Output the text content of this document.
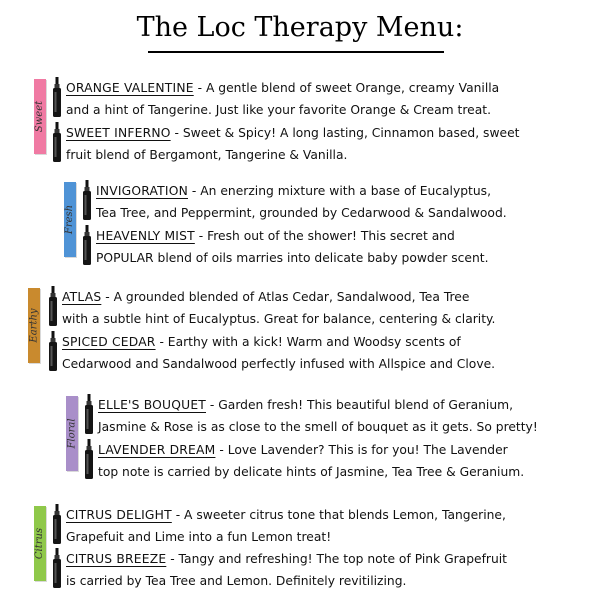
The Loc Therapy Menu:
Sweet
ORANGE VALENTINE - A gentle blend of sweet Orange, creamy Vanilla
and a hint of Tangerine. Just like your favorite Orange & Cream treat.
SWEET INFERNO - Sweet & Spicy! A long lasting, Cinnamon based, sweet
fruit blend of Bergamont, Tangerine & Vanilla.
Fresh
INVIGORATION - An enerzing mixture with a base of Eucalyptus,
Tea Tree, and Peppermint, grounded by Cedarwood & Sandalwood.
HEAVENLY MIST - Fresh out of the shower! This secret and
POPULAR blend of oils marries into delicate baby powder scent.
Earthy
ATLAS - A grounded blended of Atlas Cedar, Sandalwood, Tea Tree
with a subtle hint of Eucalyptus. Great for balance, centering & clarity.
SPICED CEDAR - Earthy with a kick! Warm and Woodsy scents of
Cedarwood and Sandalwood perfectly infused with Allspice and Clove.
Floral
ELLE'S BOUQUET - Garden fresh! This beautiful blend of Geranium,
Jasmine & Rose is as close to the smell of bouquet as it gets. So pretty!
LAVENDER DREAM - Love Lavender? This is for you! The Lavender
top note is carried by delicate hints of Jasmine, Tea Tree & Geranium.
Citrus
CITRUS DELIGHT - A sweeter citrus tone that blends Lemon, Tangerine,
Grapefuit and Lime into a fun Lemon treat!
CITRUS BREEZE - Tangy and refreshing! The top note of Pink Grapefruit
is carried by Tea Tree and Lemon. Definitely revitilizing.
